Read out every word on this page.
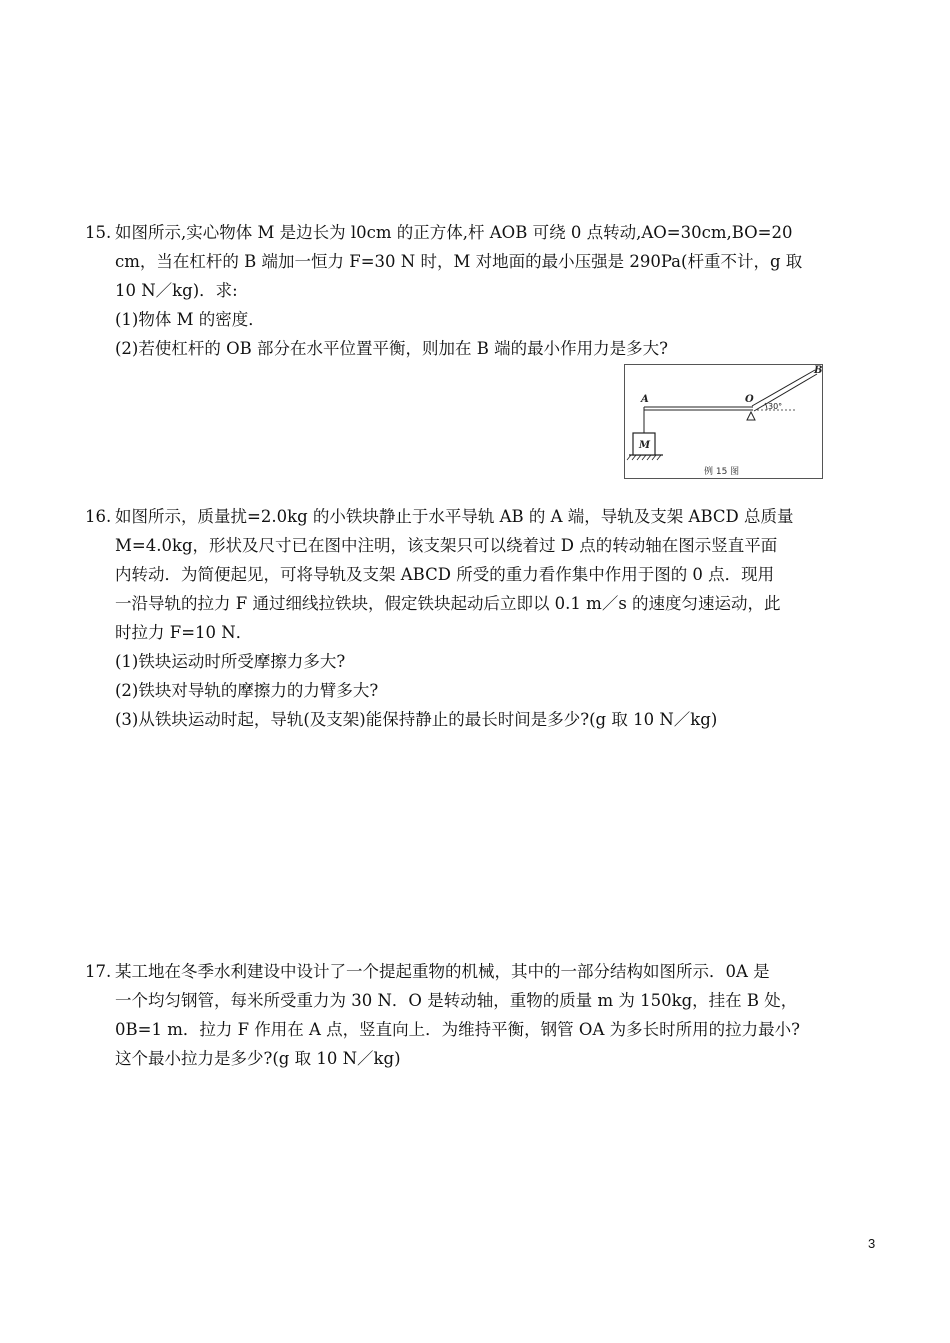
15. 如图所示,实心物体 M 是边长为 l0cm 的正方体,杆 AOB 可绕 0 点转动,AO=30cm,BO=20
cm，当在杠杆的 B 端加一恒力 F=30 N 时，M 对地面的最小压强是 290Pa(杆重不计，g 取
10 N／kg)．求:
(1)物体 M 的密度．
(2)若使杠杆的 OB 部分在水平位置平衡，则加在 B 端的最小作用力是多大?
M
30°
A	O
B
例 15 图
16. 如图所示，质量扰=2.0kg 的小铁块静止于水平导轨 AB 的 A 端，导轨及支架 ABCD 总质量
M=4.0kg，形状及尺寸已在图中注明，该支架只可以绕着过 D 点的转动轴在图示竖直平面
内转动．为简便起见，可将导轨及支架 ABCD 所受的重力看作集中作用于图的 0 点．现用
一沿导轨的拉力 F 通过细线拉铁块，假定铁块起动后立即以 0.1 m／s 的速度匀速运动，此
时拉力 F=10 N．
(1)铁块运动时所受摩擦力多大?
(2)铁块对导轨的摩擦力的力臂多大?
(3)从铁块运动时起，导轨(及支架)能保持静止的最长时间是多少?(g 取 10 N／kg)
17. 某工地在冬季水利建设中设计了一个提起重物的机械，其中的一部分结构如图所示．0A 是
一个均匀钢管，每米所受重力为 30 N．O 是转动轴，重物的质量 m 为 150kg，挂在 B 处，
0B=1 m．拉力 F 作用在 A 点，竖直向上．为维持平衡，钢管 OA 为多长时所用的拉力最小?
这个最小拉力是多少?(g 取 10 N／kg)
3
